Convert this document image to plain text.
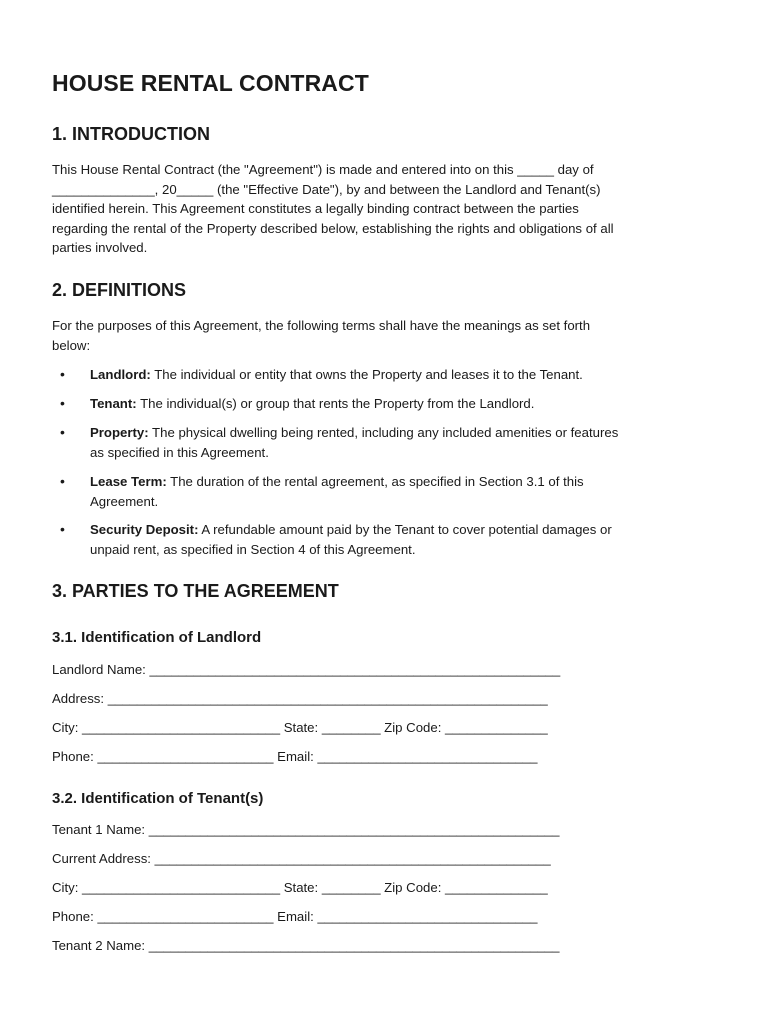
HOUSE RENTAL CONTRACT
1. INTRODUCTION
This House Rental Contract (the "Agreement") is made and entered into on this _____ day of
______________, 20_____ (the "Effective Date"), by and between the Landlord and Tenant(s)
identified herein. This Agreement constitutes a legally binding contract between the parties
regarding the rental of the Property described below, establishing the rights and obligations of all
parties involved.
2. DEFINITIONS
For the purposes of this Agreement, the following terms shall have the meanings as set forth
below:
• Landlord: The individual or entity that owns the Property and leases it to the Tenant.
• Tenant: The individual(s) or group that rents the Property from the Landlord.
• Property: The physical dwelling being rented, including any included amenities or features
as specified in this Agreement.
• Lease Term: The duration of the rental agreement, as specified in Section 3.1 of this
Agreement.
• Security Deposit: A refundable amount paid by the Tenant to cover potential damages or
unpaid rent, as specified in Section 4 of this Agreement.
3. PARTIES TO THE AGREEMENT
3.1. Identification of Landlord
Landlord Name: ________________________________________________________
Address: ____________________________________________________________
City: ___________________________ State: ________ Zip Code: ______________
Phone: ________________________ Email: ______________________________
3.2. Identification of Tenant(s)
Tenant 1 Name: ________________________________________________________
Current Address: ______________________________________________________
City: ___________________________ State: ________ Zip Code: ______________
Phone: ________________________ Email: ______________________________
Tenant 2 Name: ________________________________________________________
